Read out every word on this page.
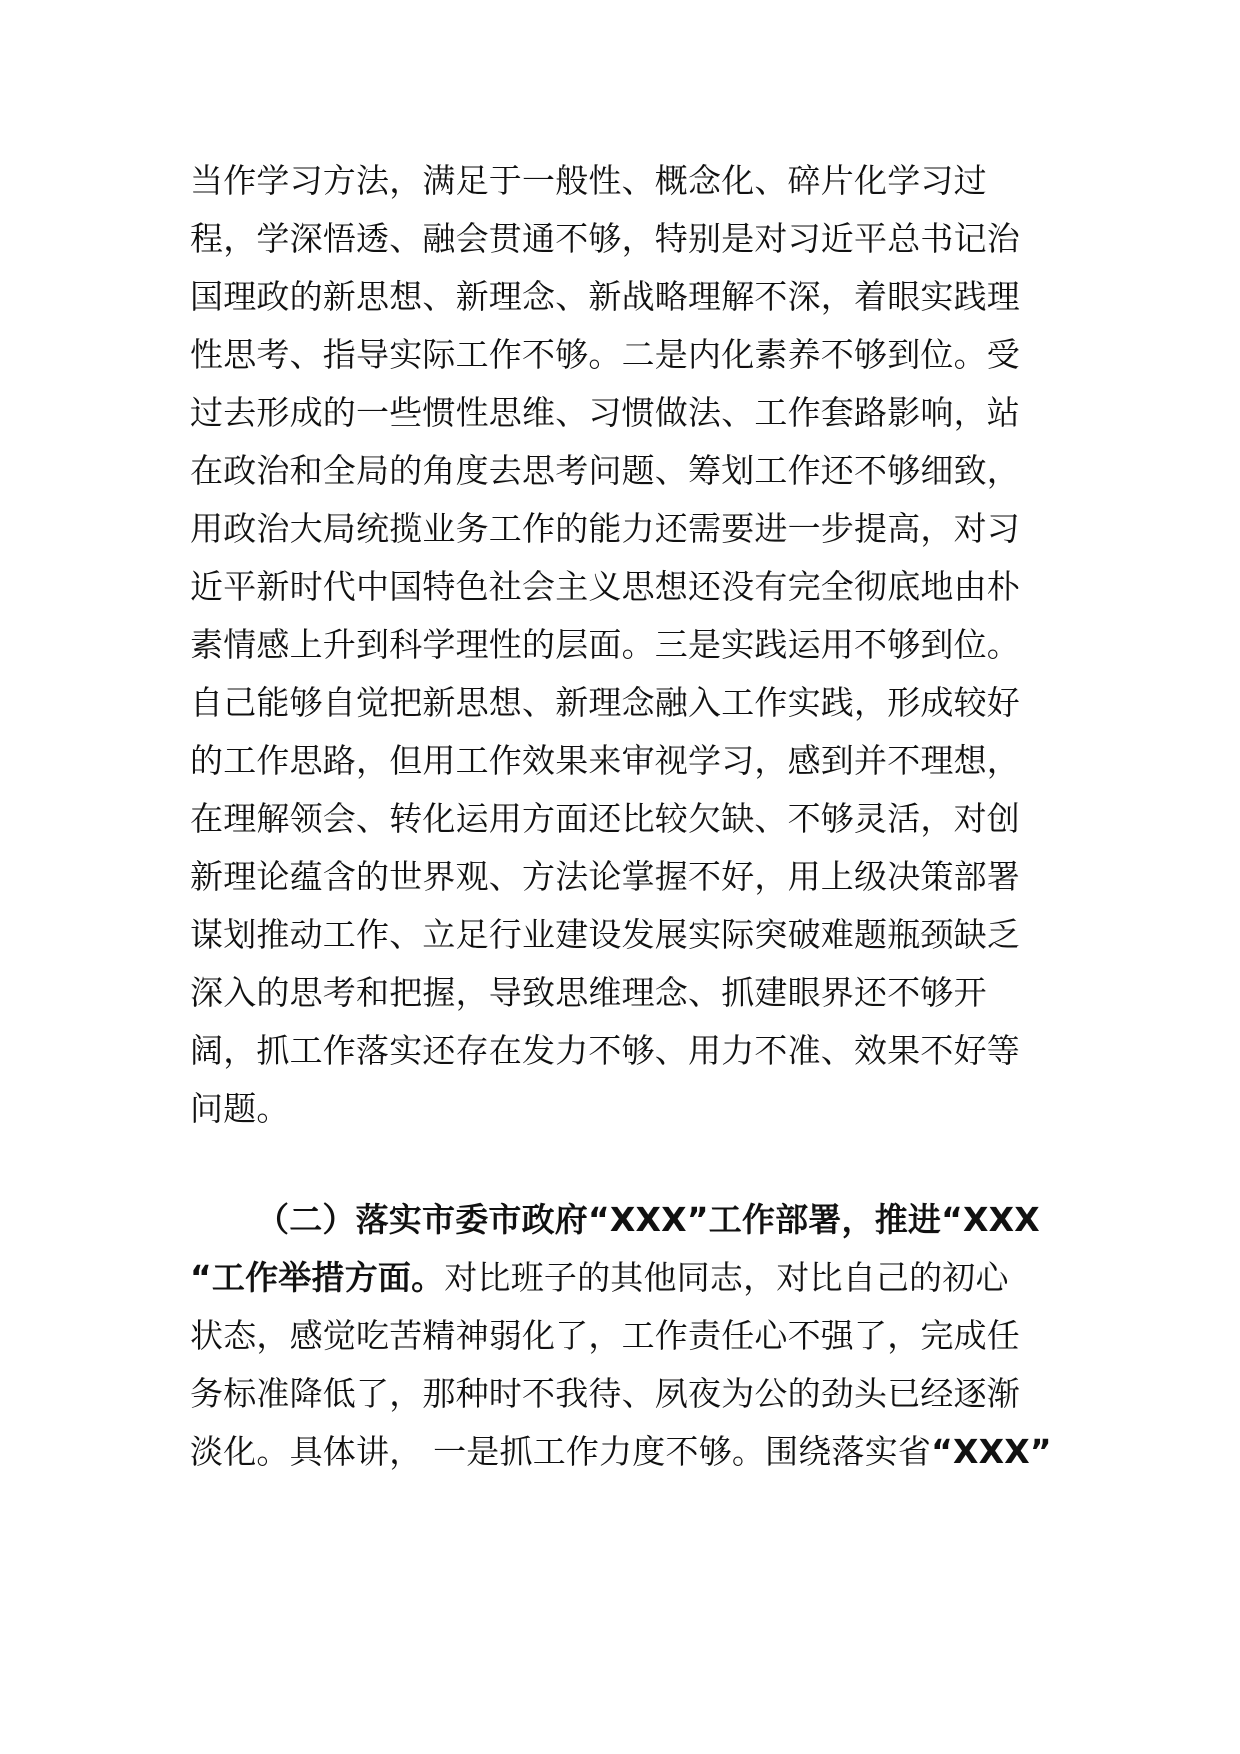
当作学习方法，满足于一般性、概念化、碎片化学习过
程，学深悟透、融会贯通不够，特别是对习近平总书记治
国理政的新思想、新理念、新战略理解不深，着眼实践理
性思考、指导实际工作不够。二是内化素养不够到位。受
过去形成的一些惯性思维、习惯做法、工作套路影响，站
在政治和全局的角度去思考问题、筹划工作还不够细致，
用政治大局统揽业务工作的能力还需要进一步提高，对习
近平新时代中国特色社会主义思想还没有完全彻底地由朴
素情感上升到科学理性的层面。三是实践运用不够到位。
自己能够自觉把新思想、新理念融入工作实践，形成较好
的工作思路，但用工作效果来审视学习，感到并不理想，
在理解领会、转化运用方面还比较欠缺、不够灵活，对创
新理论蕴含的世界观、方法论掌握不好，用上级决策部署
谋划推动工作、立足行业建设发展实际突破难题瓶颈缺乏
深入的思考和把握，导致思维理念、抓建眼界还不够开
阔，抓工作落实还存在发力不够、用力不准、效果不好等
问题。
（二）落实市委市政府“XXX”工作部署，推进“XXX
“工作举措方面。对比班子的其他同志，对比自己的初心
状态，感觉吃苦精神弱化了，工作责任心不强了，完成任
务标准降低了，那种时不我待、夙夜为公的劲头已经逐渐
淡化。具体讲， 一是抓工作力度不够。围绕落实省“XXX”
